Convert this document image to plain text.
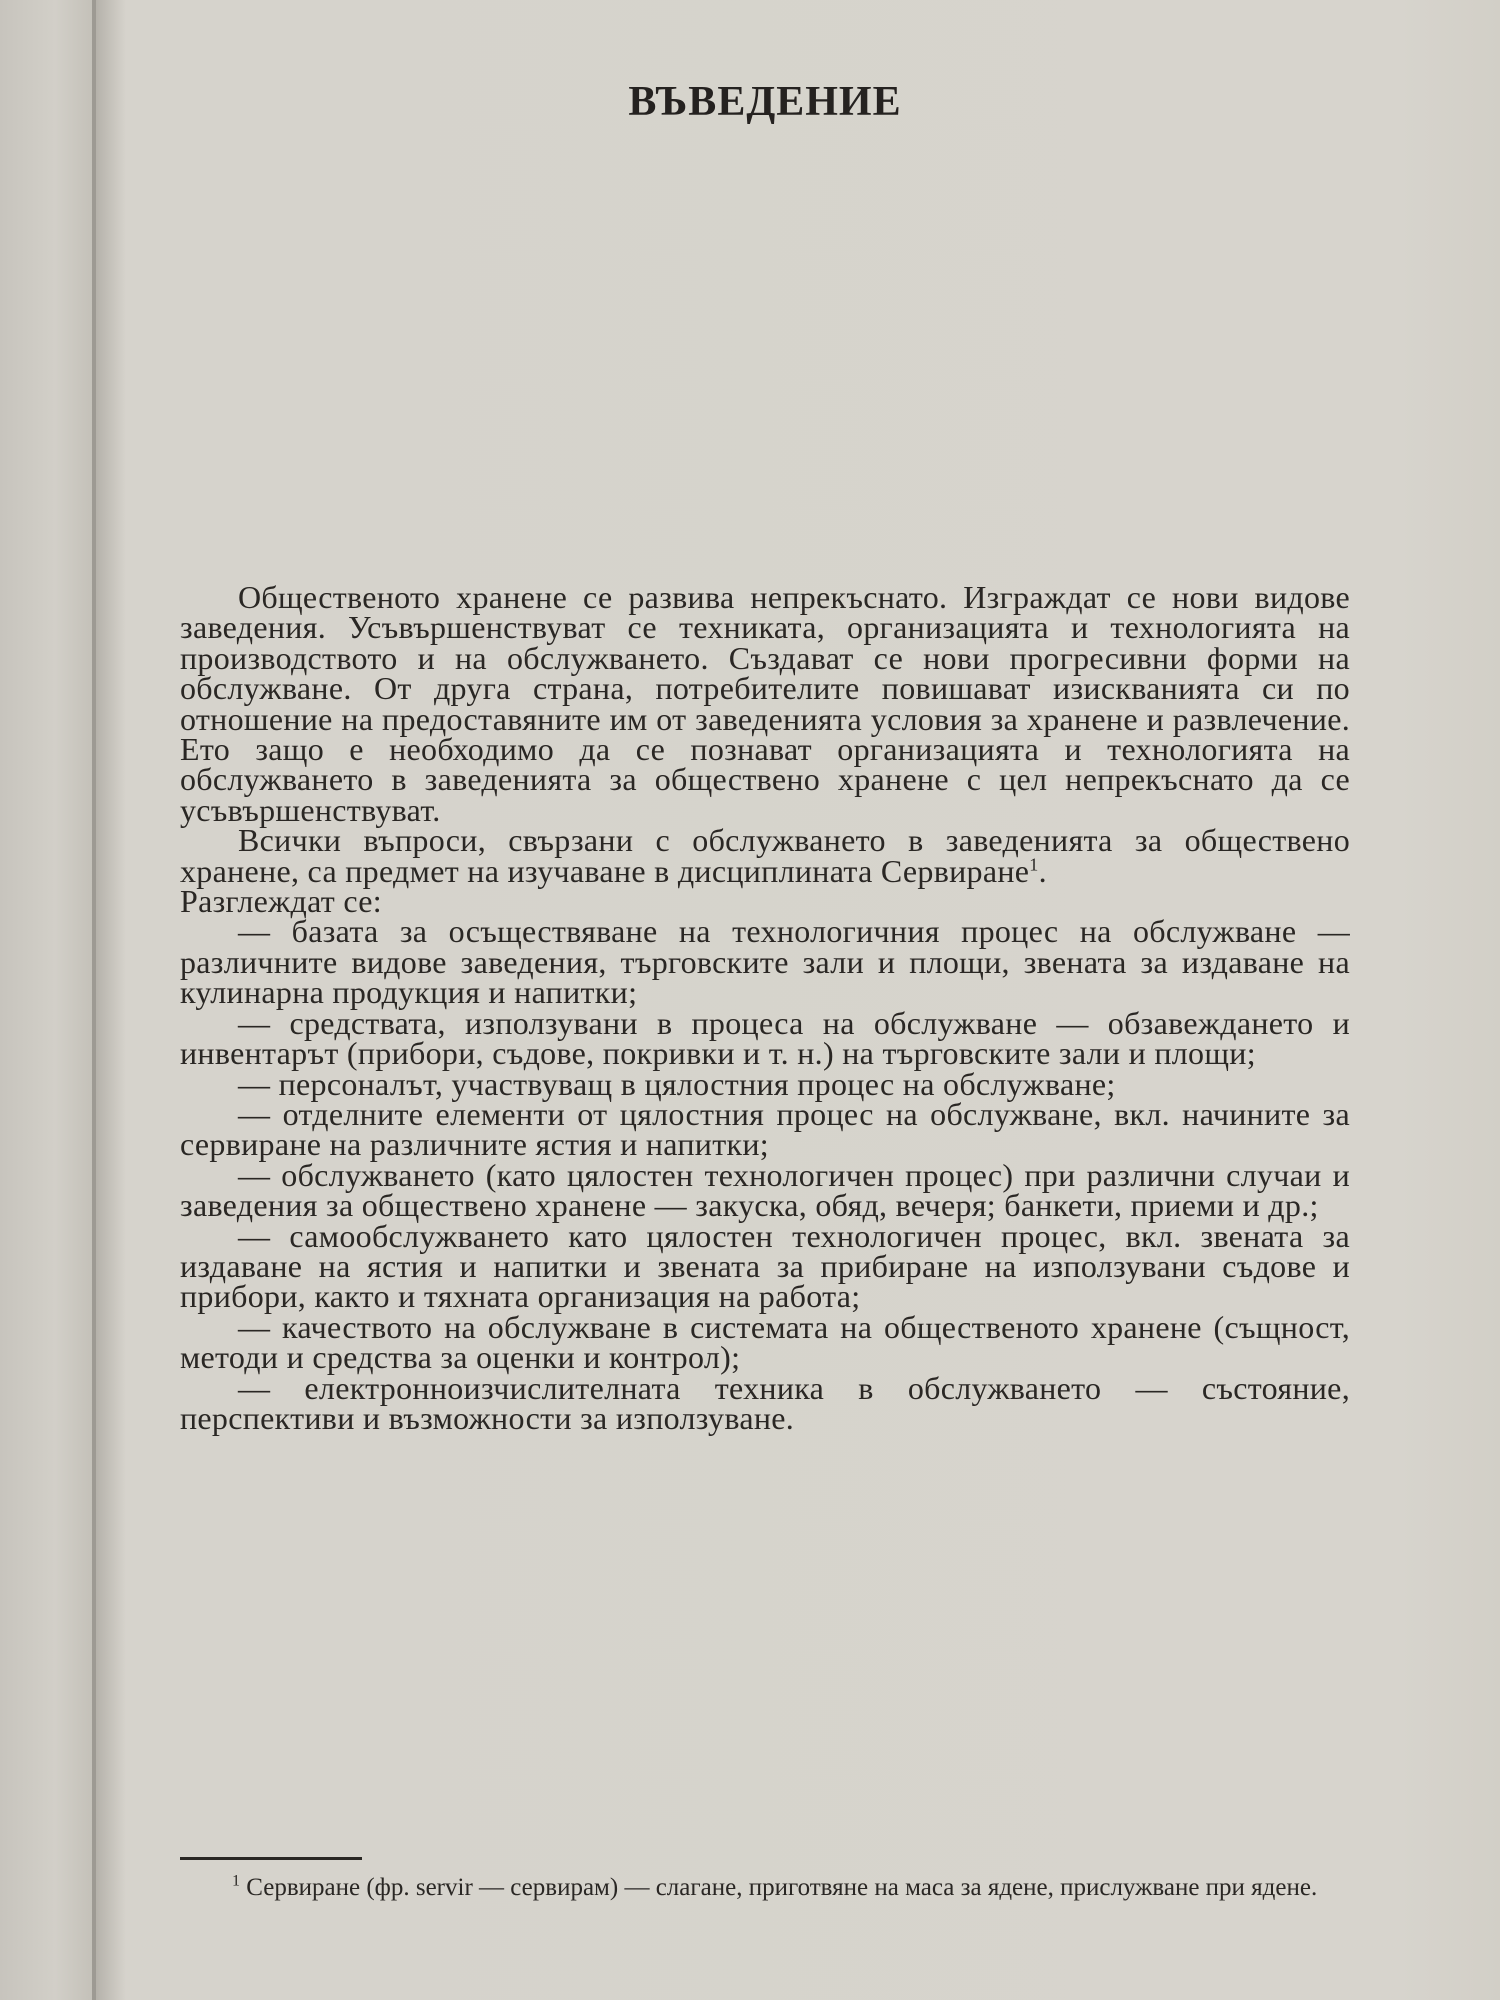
ВЪВЕДЕНИЕ

Общественото хранене се развива непрекъснато. Изграждат се нови видове заведения. Усъвършенствуват се техниката, организацията и технологията на производството и на обслужването. Създават се нови прогресивни форми на обслужване. От друга страна, потребителите повишават изискванията си по отношение на предоставяните им от заведенията условия за хранене и развлечение. Ето защо е необходимо да се познават организацията и технологията на обслужването в заведенията за обществено хранене с цел непрекъснато да се усъвършенствуват.

Всички въпроси, свързани с обслужването в заведенията за обществено хранене, са предмет на изучаване в дисциплината Сервиране$^1$.

Разглеждат се:

— базата за осъществяване на технологичния процес на обслужване — различните видове заведения, търговските зали и площи, звената за издаване на кулинарна продукция и напитки;

— средствата, използувани в процеса на обслужване — обзавеждането и инвентарът (прибори, съдове, покривки и т. н.) на търговските зали и площи;

— персоналът, участвуващ в цялостния процес на обслужване;

— отделните елементи от цялостния процес на обслужване, вкл. начините за сервиране на различните ястия и напитки;

— обслужването (като цялостен технологичен процес) при различни случаи и заведения за обществено хранене — закуска, обяд, вечеря; банкети, приеми и др.;

— самообслужването като цялостен технологичен процес, вкл. звената за издаване на ястия и напитки и звената за прибиране на използувани съдове и прибори, както и тяхната организация на работа;

— качеството на обслужване в системата на общественото хранене (същност, методи и средства за оценки и контрол);

— електронноизчислителната техника в обслужването — състояние, перспективи и възможности за използуване.

$^1$ Сервиране (фр. servir — сервирам) — слагане, приготвяне на маса за ядене, прислужване при ядене.
